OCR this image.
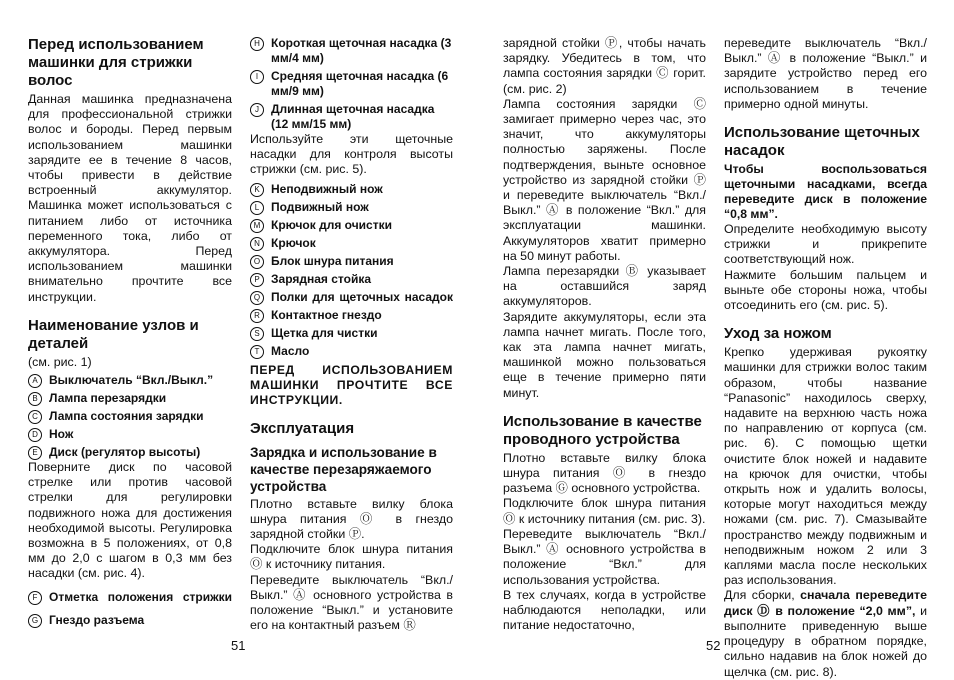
Перед использованием машинки для стрижки волос

Данная машинка предназначена для профессиональной стрижки волос и бороды. Перед первым использованием машинки зарядите ее в течение 8 часов, чтобы привести в действие встроенный аккумулятор. Машинка может использоваться с питанием либо от источника переменного тока, либо от аккумулятора. Перед использованием машинки внимательно прочтите все инструкции.

Наименование узлов и деталей
(см. рис. 1)
A Выключатель “Вкл./Выкл.”
B Лампа перезарядки
C Лампа состояния зарядки
D Нож
E Диск (регулятор высоты)

Поверните диск по часовой стрелке или против часовой стрелки для регулировки подвижного ножа для достижения необходимой высоты. Регулировка возможна в 5 положениях, от 0,8 мм до 2,0 с шагом в 0,3 мм без насадки (см. рис. 4).

F Отметка положения стрижки
G Гнездо разъема
51
H Короткая щеточная насадка (3 мм/4 мм)
I	Средняя щеточная насадка (6 мм/9 мм)
J	Длинная щеточная насадка (12 мм/15 мм)

Используйте эти щеточные насадки для контроля высоты стрижки (см. рис. 5).

K Неподвижный нож
L Подвижный нож
M Крючок для очистки
N Крючок
O Блок шнура питания
P Зарядная стойка
Q Полки для щеточных насадок
R Контактное гнездо
S Щетка для чистки
T Масло
ПЕРЕД ИСПОЛЬЗОВАНИЕМ МАШИНКИ ПРОЧТИТЕ ВСЕ ИНСТРУКЦИИ.
Эксплуатация
Зарядка и использование в качестве перезаряжаемого устройства

Плотно вставьте вилку блока шнура питания Ⓞ в гнездо зарядной стойки Ⓟ.

Подключите блок шнура питания Ⓞ к источнику питания.

Переведите выключатель “Вкл./ Выкл.” Ⓐ основного устройства в положение “Выкл.” и установите его на контактный разъем Ⓡ

зарядной стойки Ⓟ, чтобы начать зарядку. Убедитесь в том, что лампа состояния зарядки Ⓒ горит. (см. рис. 2)

Лампа состояния зарядки Ⓒ замигает примерно через час, это значит, что аккумуляторы полностью заряжены. После подтверждения, выньте основное устройство из зарядной стойки Ⓟ и переведите выключатель “Вкл./ Выкл.” Ⓐ в положение “Вкл.” для эксплуатации машинки. Аккумуляторов хватит примерно на 50 минут работы.

Лампа перезарядки Ⓑ указывает на оставшийся заряд аккумуляторов.

Зарядите аккумуляторы, если эта лампа начнет мигать. После того, как эта лампа начнет мигать, машинкой можно пользоваться еще в течение примерно пяти минут.

Использование в качестве проводного устройства

Плотно вставьте вилку блока шнура питания Ⓞ в гнездо разъема Ⓖ основного устройства.

Подключите блок шнура питания Ⓞ к источнику питания (см. рис. 3).

Переведите выключатель “Вкл./ Выкл.” Ⓐ основного устройства в положение “Вкл.” для использования устройства.

В тех случаях, когда в устройстве наблюдаются неполадки, или питание недостаточно,

52

переведите выключатель “Вкл./ Выкл.” Ⓐ в положение “Выкл.” и зарядите устройство перед его использованием в течение примерно одной минуты.

Использование щеточных насадок
Чтобы воспользоваться щеточными насадками, всегда переведите диск в положение “0,8 мм”.

Определите необходимую высоту стрижки и прикрепите соответствующий нож.

Нажмите большим пальцем и выньте обе стороны ножа, чтобы отсоединить его (см. рис. 5).

Уход за ножом

Крепко удерживая рукоятку машинки для стрижки волос таким образом, чтобы название “Panasonic” находилось сверху, надавите на верхнюю часть ножа по направлению от корпуса (см. рис. 6). С помощью щетки очистите блок ножей и надавите на крючок для очистки, чтобы открыть нож и удалить волосы, которые могут находиться между ножами (см. рис. 7). Смазывайте пространство между подвижным и неподвижным ножом 2 или 3 каплями масла после нескольких раз использования.

Для сборки, сначала переведите диск Ⓓ в положение “2,0 мм”, и выполните приведенную выше процедуру в обратном порядке, сильно надавив на блок ножей до щелчка (см. рис. 8).
